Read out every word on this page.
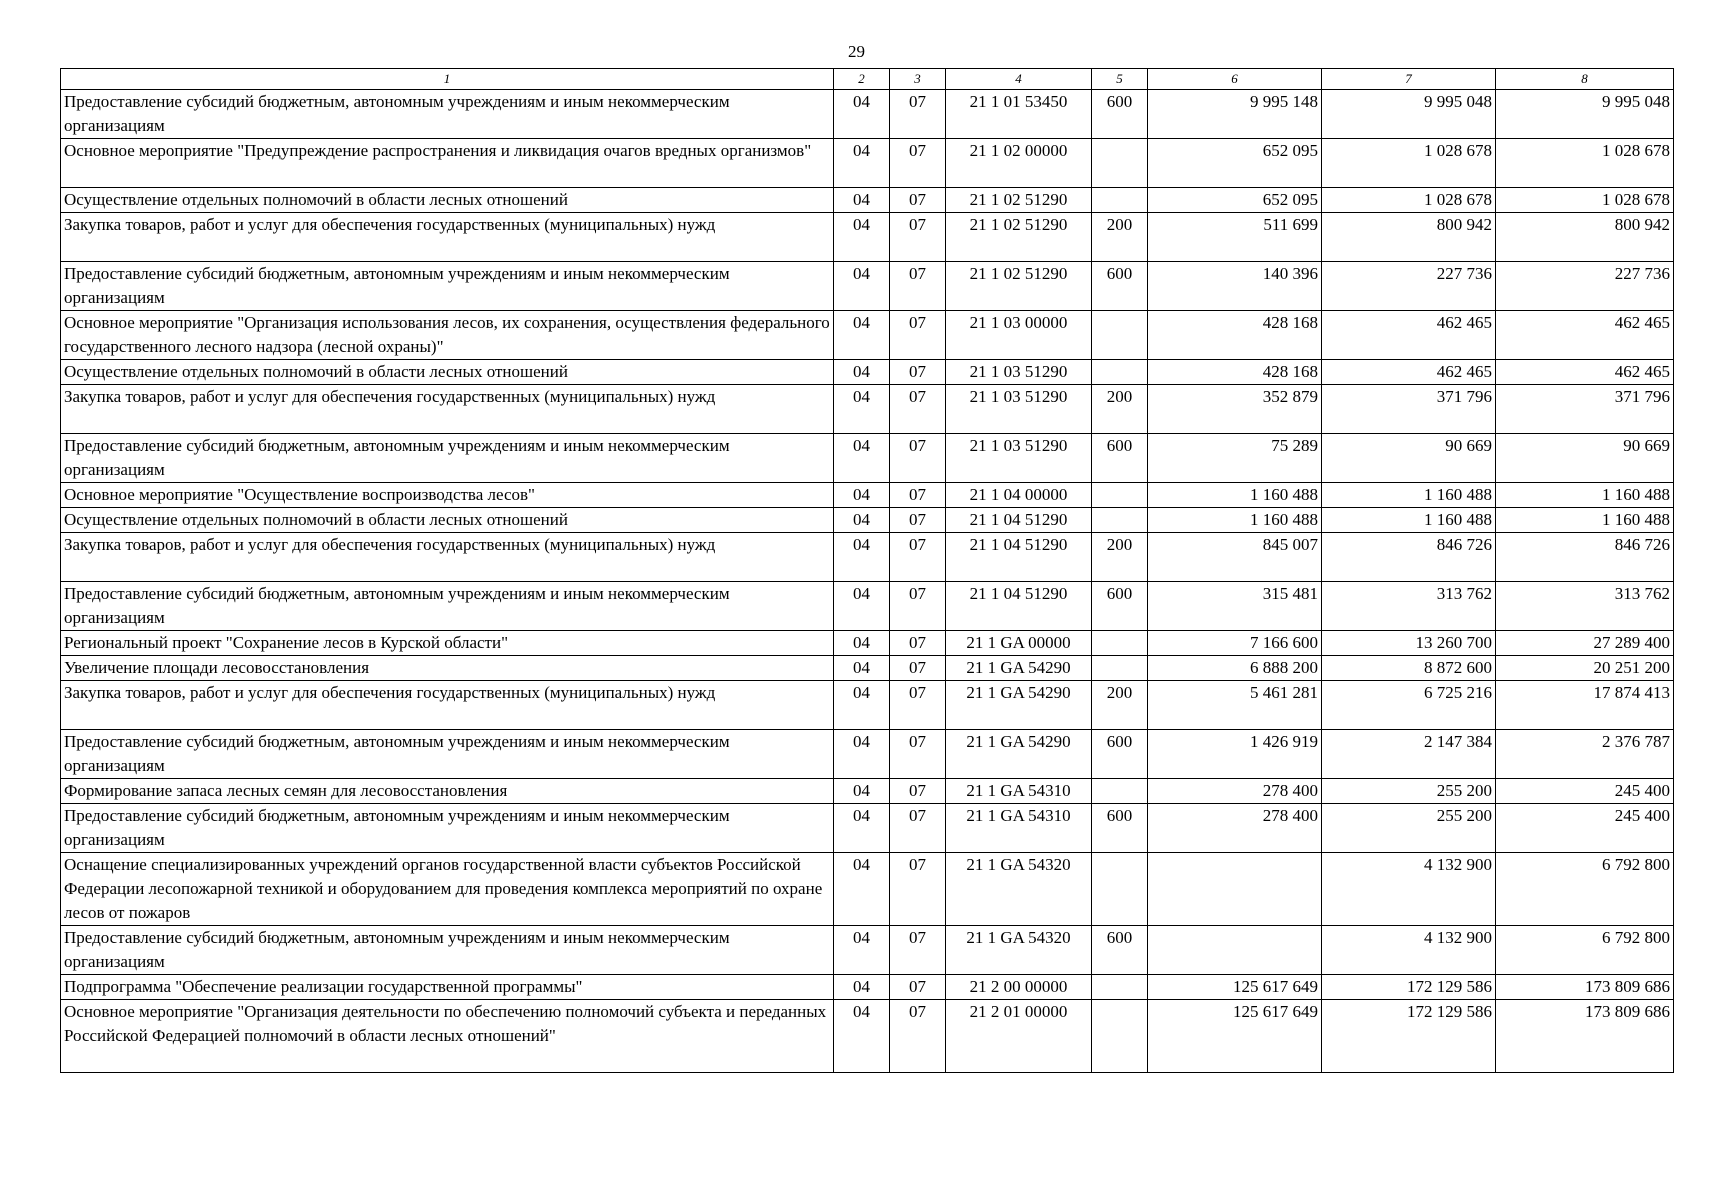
29
1	2	3	4	5	6	7	8
Предоставление субсидий бюджетным, автономным учреждениям и иным некоммерческим организациям	04	07	21 1 01 53450	600	9 995 148	9 995 048	9 995 048
Основное мероприятие "Предупреждение распространения и ликвидация очагов вредных организмов"	04	07	21 1 02 00000		652 095	1 028 678	1 028 678
Осуществление отдельных полномочий в области лесных отношений	04	07	21 1 02 51290		652 095	1 028 678	1 028 678
Закупка товаров, работ и услуг для обеспечения государственных (муниципальных) нужд	04	07	21 1 02 51290	200	511 699	800 942	800 942
Предоставление субсидий бюджетным, автономным учреждениям и иным некоммерческим организациям	04	07	21 1 02 51290	600	140 396	227 736	227 736
Основное мероприятие "Организация использования лесов, их сохранения, осуществления федерального государственного лесного надзора (лесной охраны)"	04	07	21 1 03 00000		428 168	462 465	462 465
Осуществление отдельных полномочий в области лесных отношений	04	07	21 1 03 51290		428 168	462 465	462 465
Закупка товаров, работ и услуг для обеспечения государственных (муниципальных) нужд	04	07	21 1 03 51290	200	352 879	371 796	371 796
Предоставление субсидий бюджетным, автономным учреждениям и иным некоммерческим организациям	04	07	21 1 03 51290	600	75 289	90 669	90 669
Основное мероприятие "Осуществление воспроизводства лесов"	04	07	21 1 04 00000		1 160 488	1 160 488	1 160 488
Осуществление отдельных полномочий в области лесных отношений	04	07	21 1 04 51290		1 160 488	1 160 488	1 160 488
Закупка товаров, работ и услуг для обеспечения государственных (муниципальных) нужд	04	07	21 1 04 51290	200	845 007	846 726	846 726
Предоставление субсидий бюджетным, автономным учреждениям и иным некоммерческим организациям	04	07	21 1 04 51290	600	315 481	313 762	313 762
Региональный проект "Сохранение лесов в Курской области"	04	07	21 1 GA 00000		7 166 600	13 260 700	27 289 400
Увеличение площади лесовосстановления	04	07	21 1 GA 54290		6 888 200	8 872 600	20 251 200
Закупка товаров, работ и услуг для обеспечения государственных (муниципальных) нужд	04	07	21 1 GA 54290	200	5 461 281	6 725 216	17 874 413
Предоставление субсидий бюджетным, автономным учреждениям и иным некоммерческим организациям	04	07	21 1 GA 54290	600	1 426 919	2 147 384	2 376 787
Формирование запаса лесных семян для лесовосстановления	04	07	21 1 GA 54310		278 400	255 200	245 400
Предоставление субсидий бюджетным, автономным учреждениям и иным некоммерческим организациям	04	07	21 1 GA 54310	600	278 400	255 200	245 400
Оснащение специализированных учреждений органов государственной власти субъектов Российской Федерации лесопожарной техникой и оборудованием для проведения комплекса мероприятий по охране лесов от пожаров	04	07	21 1 GA 54320			4 132 900	6 792 800
Предоставление субсидий бюджетным, автономным учреждениям и иным некоммерческим организациям	04	07	21 1 GA 54320	600		4 132 900	6 792 800
Подпрограмма "Обеспечение реализации государственной программы"	04	07	21 2 00 00000		125 617 649	172 129 586	173 809 686
Основное мероприятие "Организация деятельности по обеспечению полномочий субъекта и переданных Российской Федерацией полномочий в области лесных отношений"	04	07	21 2 01 00000		125 617 649	172 129 586	173 809 686
